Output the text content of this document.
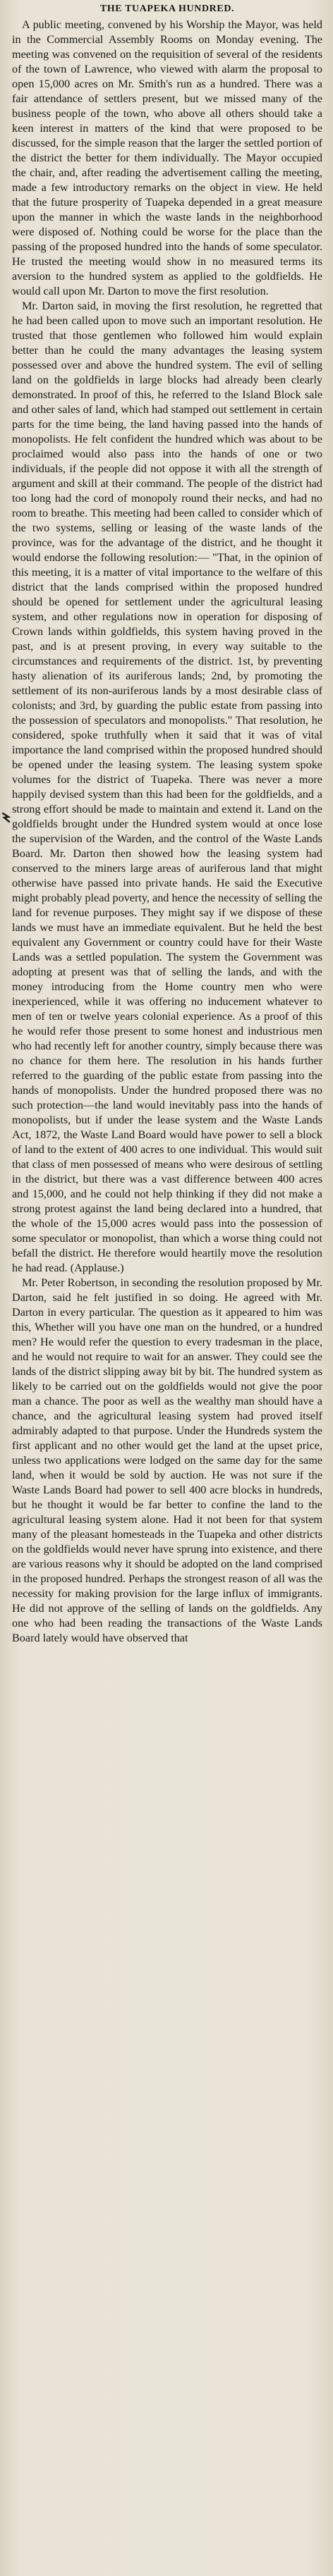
THE TUAPEKA HUNDRED.

A public meeting, convened by his Worship the Mayor, was held in the Commercial Assembly Rooms on Monday evening. The meeting was convened on the requisition of several of the residents of the town of Lawrence, who viewed with alarm the proposal to open 15,000 acres on Mr. Smith's run as a hundred. There was a fair attendance of settlers present, but we missed many of the business people of the town, who above all others should take a keen interest in matters of the kind that were proposed to be discussed, for the simple reason that the larger the settled portion of the district the better for them individually. The Mayor occupied the chair, and, after reading the advertisement calling the meeting, made a few introductory remarks on the object in view. He held that the future prosperity of Tuapeka depended in a great measure upon the manner in which the waste lands in the neighborhood were disposed of. Nothing could be worse for the place than the passing of the proposed hundred into the hands of some speculator. He trusted the meeting would show in no measured terms its aversion to the hundred system as applied to the goldfields. He would call upon Mr. Darton to move the first resolution.

Mr. Darton said, in moving the first resolution, he regretted that he had been called upon to move such an important resolution. He trusted that those gentlemen who followed him would explain better than he could the many advantages the leasing system possessed over and above the hundred system. The evil of selling land on the goldfields in large blocks had already been clearly demonstrated. In proof of this, he referred to the Island Block sale and other sales of land, which had stamped out settlement in certain parts for the time being, the land having passed into the hands of monopolists. He felt confident the hundred which was about to be proclaimed would also pass into the hands of one or two individuals, if the people did not oppose it with all the strength of argument and skill at their command. The people of the district had too long had the cord of monopoly round their necks, and had no room to breathe. This meeting had been called to consider which of the two systems, selling or leasing of the waste lands of the province, was for the advantage of the district, and he thought it would endorse the following resolution:— "That, in the opinion of this meeting, it is a matter of vital importance to the welfare of this district that the lands comprised within the proposed hundred should be opened for settlement under the agricultural leasing system, and other regulations now in operation for disposing of Crown lands within goldfields, this system having proved in the past, and is at present proving, in every way suitable to the circumstances and requirements of the district. 1st, by preventing hasty alienation of its auriferous lands; 2nd, by promoting the settlement of its non-auriferous lands by a most desirable class of colonists; and 3rd, by guarding the public estate from passing into the possession of speculators and monopolists." That resolution, he considered, spoke truthfully when it said that it was of vital importance the land comprised within the proposed hundred should be opened under the leasing system. The leasing system spoke volumes for the district of Tuapeka. There was never a more happily devised system than this had been for the goldfields, and a strong effort should be made to maintain and extend it. Land on the goldfields brought under the Hundred system would at once lose the supervision of the Warden, and the control of the Waste Lands Board. Mr. Darton then showed how the leasing system had conserved to the miners large areas of auriferous land that might otherwise have passed into private hands. He said the Executive might probably plead poverty, and hence the necessity of selling the land for revenue purposes. They might say if we dispose of these lands we must have an immediate equivalent. But he held the best equivalent any Government or country could have for their Waste Lands was a settled population. The system the Government was adopting at present was that of selling the lands, and with the money introducing from the Home country men who were inexperienced, while it was offering no inducement whatever to men of ten or twelve years colonial experience. As a proof of this he would refer those present to some honest and industrious men who had recently left for another country, simply because there was no chance for them here. The resolution in his hands further referred to the guarding of the public estate from passing into the hands of monopolists. Under the hundred proposed there was no such protection—the land would inevitably pass into the hands of monopolists, but if under the lease system and the Waste Lands Act, 1872, the Waste Land Board would have power to sell a block of land to the extent of 400 acres to one individual. This would suit that class of men possessed of means who were desirous of settling in the district, but there was a vast difference between 400 acres and 15,000, and he could not help thinking if they did not make a strong protest against the land being declared into a hundred, that the whole of the 15,000 acres would pass into the possession of some speculator or monopolist, than which a worse thing could not befall the district. He therefore would heartily move the resolution he had read. (Applause.)

Mr. Peter Robertson, in seconding the resolution proposed by Mr. Darton, said he felt justified in so doing. He agreed with Mr. Darton in every particular. The question as it appeared to him was this, Whether will you have one man on the hundred, or a hundred men? He would refer the question to every tradesman in the place, and he would not require to wait for an answer. They could see the lands of the district slipping away bit by bit. The hundred system as likely to be carried out on the goldfields would not give the poor man a chance. The poor as well as the wealthy man should have a chance, and the agricultural leasing system had proved itself admirably adapted to that purpose. Under the Hundreds system the first applicant and no other would get the land at the upset price, unless two applications were lodged on the same day for the same land, when it would be sold by auction. He was not sure if the Waste Lands Board had power to sell 400 acre blocks in hundreds, but he thought it would be far better to confine the land to the agricultural leasing system alone. Had it not been for that system many of the pleasant homesteads in the Tuapeka and other districts on the goldfields would never have sprung into existence, and there are various reasons why it should be adopted on the land comprised in the proposed hundred. Perhaps the strongest reason of all was the necessity for making provision for the large influx of immigrants. He did not approve of the selling of lands on the goldfields. Any one who had been reading the transactions of the Waste Lands Board lately would have observed that
